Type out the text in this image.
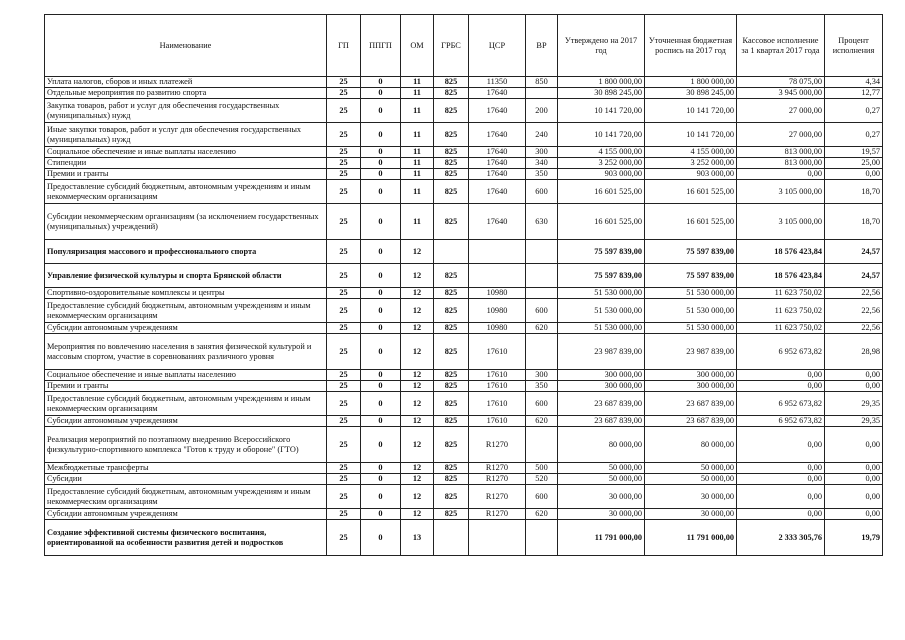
Наименование	ГП	ППГП	ОМ	ГРБС	ЦСР	ВР	Утверждено на 2017 год	Уточненная бюджетная роспись на 2017 год	Кассовое исполнение за 1 квартал 2017 года	Процент исполнения
Уплата налогов, сборов и иных платежей	25	0	11	825	11350	850	1 800 000,00	1 800 000,00	78 075,00	4,34
Отдельные мероприятия по развитию спорта	25	0	11	825	17640		30 898 245,00	30 898 245,00	3 945 000,00	12,77
Закупка товаров, работ и услуг для обеспечения государственных (муниципальных) нужд	25	0	11	825	17640	200	10 141 720,00	10 141 720,00	27 000,00	0,27
Иные закупки товаров, работ и услуг для обеспечения государственных (муниципальных) нужд	25	0	11	825	17640	240	10 141 720,00	10 141 720,00	27 000,00	0,27
Социальное обеспечение и иные выплаты населению	25	0	11	825	17640	300	4 155 000,00	4 155 000,00	813 000,00	19,57
Стипендии	25	0	11	825	17640	340	3 252 000,00	3 252 000,00	813 000,00	25,00
Премии и гранты	25	0	11	825	17640	350	903 000,00	903 000,00	0,00	0,00
Предоставление субсидий бюджетным, автономным учреждениям и иным некоммерческим организациям	25	0	11	825	17640	600	16 601 525,00	16 601 525,00	3 105 000,00	18,70
Субсидии некоммерческим организациям (за исключением государственных (муниципальных) учреждений)	25	0	11	825	17640	630	16 601 525,00	16 601 525,00	3 105 000,00	18,70
Популяризация массового и профессионального спорта	25	0	12				75 597 839,00	75 597 839,00	18 576 423,84	24,57
Управление физической культуры и спорта Брянской области	25	0	12	825			75 597 839,00	75 597 839,00	18 576 423,84	24,57
Спортивно-оздоровительные комплексы и центры	25	0	12	825	10980		51 530 000,00	51 530 000,00	11 623 750,02	22,56
Предоставление субсидий бюджетным, автономным учреждениям и иным некоммерческим организациям	25	0	12	825	10980	600	51 530 000,00	51 530 000,00	11 623 750,02	22,56
Субсидии автономным учреждениям	25	0	12	825	10980	620	51 530 000,00	51 530 000,00	11 623 750,02	22,56
Мероприятия по вовлечению населения в занятия физической культурой и массовым спортом, участие в соревнованиях различного уровня	25	0	12	825	17610		23 987 839,00	23 987 839,00	6 952 673,82	28,98
Социальное обеспечение и иные выплаты населению	25	0	12	825	17610	300	300 000,00	300 000,00	0,00	0,00
Премии и гранты	25	0	12	825	17610	350	300 000,00	300 000,00	0,00	0,00
Предоставление субсидий бюджетным, автономным учреждениям и иным некоммерческим организациям	25	0	12	825	17610	600	23 687 839,00	23 687 839,00	6 952 673,82	29,35
Субсидии автономным учреждениям	25	0	12	825	17610	620	23 687 839,00	23 687 839,00	6 952 673,82	29,35
Реализация мероприятий по поэтапному внедрению Всероссийского физкультурно-спортивного комплекса "Готов к труду и обороне" (ГТО)	25	0	12	825	R1270		80 000,00	80 000,00	0,00	0,00
Межбюджетные трансферты	25	0	12	825	R1270	500	50 000,00	50 000,00	0,00	0,00
Субсидии	25	0	12	825	R1270	520	50 000,00	50 000,00	0,00	0,00
Предоставление субсидий бюджетным, автономным учреждениям и иным некоммерческим организациям	25	0	12	825	R1270	600	30 000,00	30 000,00	0,00	0,00
Субсидии автономным учреждениям	25	0	12	825	R1270	620	30 000,00	30 000,00	0,00	0,00
Создание эффективной системы физического воспитания, ориентированной на особенности развития детей и подростков	25	0	13				11 791 000,00	11 791 000,00	2 333 305,76	19,79
